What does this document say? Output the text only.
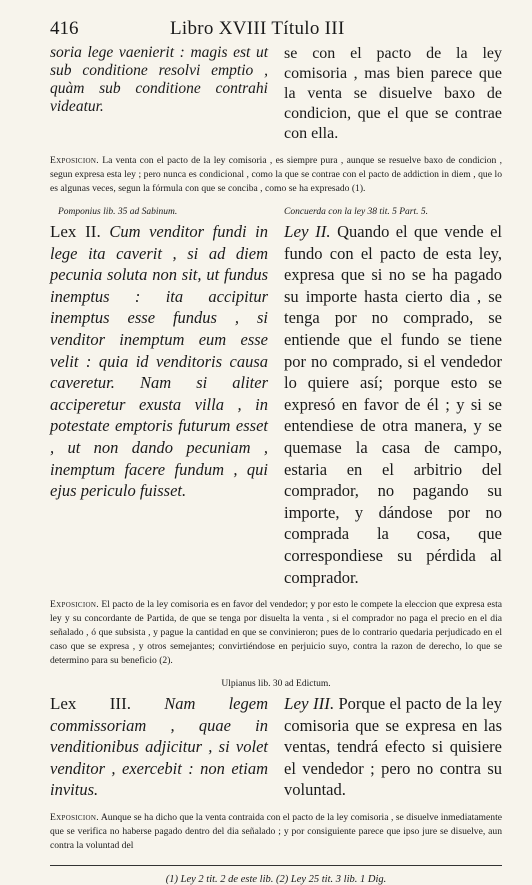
416	Libro XVIII Título III
soria lege vaenierit : magis est ut sub conditione resolvi emptio , quàm sub conditione contrahi videatur.
se con el pacto de la ley comisoria , mas bien parece que la venta se disuelve baxo de condicion, que el que se contrae con ella.
Exposicion. La venta con el pacto de la ley comisoria , es siempre pura , aunque se resuelve baxo de condicion , segun expresa esta ley ; pero nunca es condicional , como la que se contrae con el pacto de addiction in diem , que lo es algunas veces, segun la fórmula con que se conciba , como se ha expresado (1).
Pomponius lib. 35 ad Sabinum.	Concuerda con la ley 38 tit. 5 Part. 5.
Lex II. Cum venditor fundi in lege ita caverit , si ad diem pecunia soluta non sit, ut fundus inemptus : ita accipitur inemptus esse fundus , si venditor inemptum eum esse velit : quia id venditoris causa caveretur. Nam si aliter acciperetur exusta villa , in potestate emptoris futurum esset , ut non dando pecuniam , inemptum facere fundum , qui ejus periculo fuisset.
Ley II. Quando el que vende el fundo con el pacto de esta ley, expresa que si no se ha pagado su importe hasta cierto dia , se tenga por no comprado, se entiende que el fundo se tiene por no comprado, si el vendedor lo quiere así; porque esto se expresó en favor de él ; y si se entendiese de otra manera, y se quemase la casa de campo, estaria en el arbitrio del comprador, no pagando su importe, y dándose por no comprada la cosa, que correspondiese su pérdida al comprador.
Exposicion. El pacto de la ley comisoria es en favor del vendedor; y por esto le compete la eleccion que expresa esta ley y su concordante de Partida, de que se tenga por disuelta la venta , si el comprador no paga el precio en el dia señalado , ó que subsista , y pague la cantidad en que se convinieron; pues de lo contrario quedaria perjudicado en el caso que se expresa , y otros semejantes; convirtiéndose en perjuicio suyo, contra la razon de derecho, lo que se determino para su beneficio (2).
Ulpianus lib. 30 ad Edictum.
Lex III. Nam legem commissoriam , quae in venditionibus adjicitur , si volet venditor , exercebit : non etiam invitus.
Ley III. Porque el pacto de la ley comisoria que se expresa en las ventas, tendrá efecto si quisiere el vendedor ; pero no contra su voluntad.
Exposicion. Aunque se ha dicho que la venta contraida con el pacto de la ley comisoria , se disuelve inmediatamente que se verifica no haberse pagado dentro del dia señalado ; y por consiguiente parece que ipso jure se disuelve, aun contra la voluntad del
(1) Ley 2 tit. 2 de este lib. (2) Ley 25 tit. 3 lib. 1 Dig.
